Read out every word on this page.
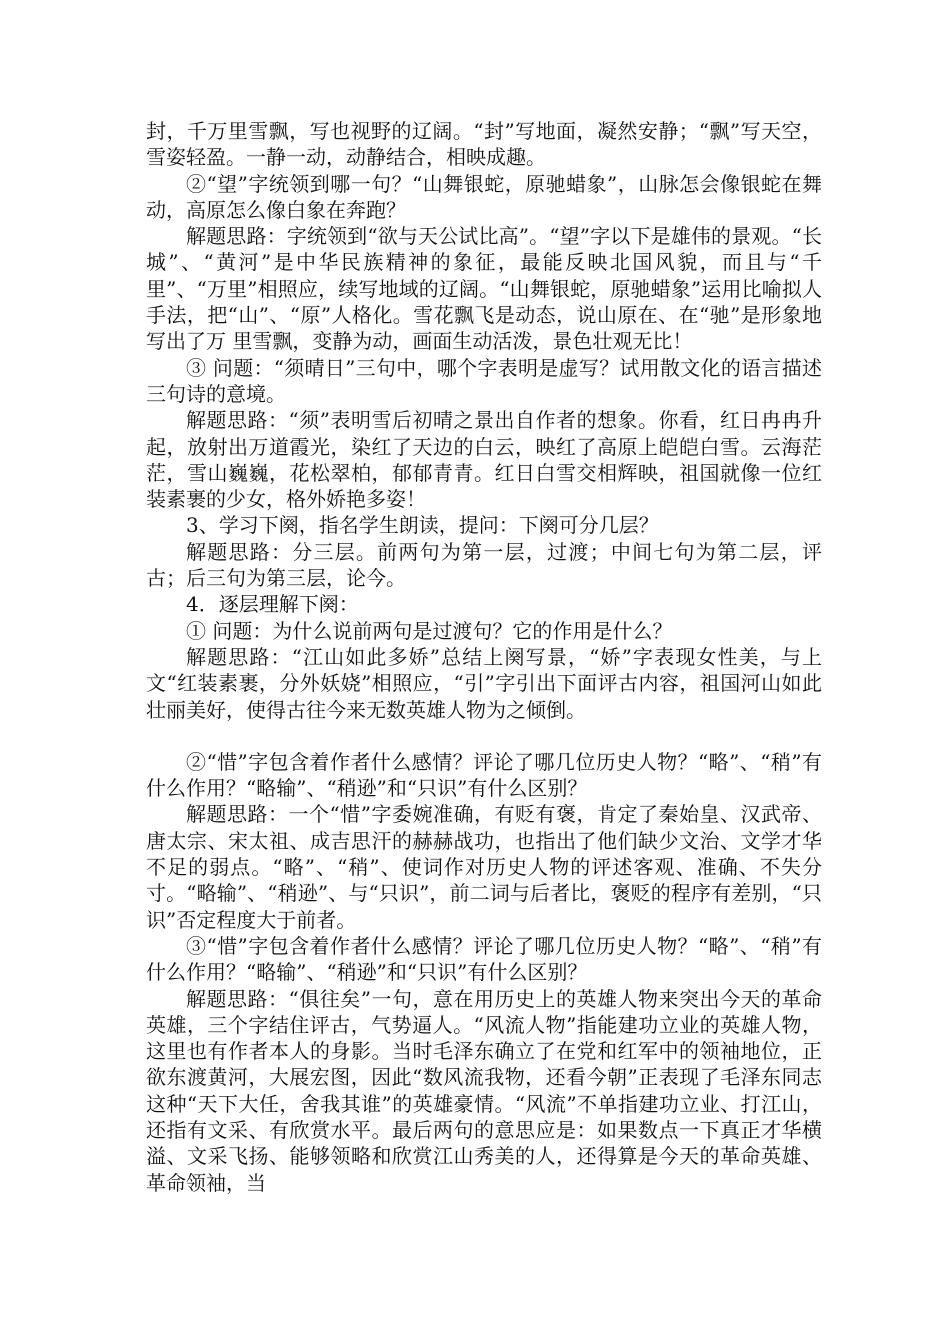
封，千万里雪飘，写也视野的辽阔。“封”写地面，凝然安静；“飘”写天空，雪姿轻盈。一静一动，动静结合，相映成趣。

②“望”字统领到哪一句？“山舞银蛇，原驰蜡象”，山脉怎会像银蛇在舞动，高原怎么像白象在奔跑？

解题思路：字统领到“欲与天公试比高”。“望”字以下是雄伟的景观。“长城”、“黄河”是中华民族精神的象征，最能反映北国风貌，而且与“千里”、“万里”相照应，续写地域的辽阔。“山舞银蛇，原驰蜡象”运用比喻拟人手法，把“山”、“原”人格化。雪花飘飞是动态，说山原在、在“驰”是形象地写出了万 里雪飘，变静为动，画面生动活泼，景色壮观无比！

③ 问题：“须晴日”三句中，哪个字表明是虚写？试用散文化的语言描述三句诗的意境。

解题思路：“须”表明雪后初晴之景出自作者的想象。你看，红日冉冉升起，放射出万道霞光，染红了天边的白云，映红了高原上皑皑白雪。云海茫茫，雪山巍巍，花松翠柏，郁郁青青。红日白雪交相辉映，祖国就像一位红装素裹的少女，格外娇艳多姿！

3、学习下阕，指名学生朗读，提问：下阕可分几层？

解题思路：分三层。前两句为第一层，过渡；中间七句为第二层，评古；后三句为第三层，论今。

4．逐层理解下阕：

① 问题：为什么说前两句是过渡句？它的作用是什么？

解题思路：“江山如此多娇”总结上阕写景，“娇”字表现女性美，与上文“红装素裹，分外妖娆”相照应，“引”字引出下面评古内容，祖国河山如此壮丽美好，使得古往今来无数英雄人物为之倾倒。

②“惜”字包含着作者什么感情？评论了哪几位历史人物？“略”、“稍”有什么作用？“略输”、“稍逊”和“只识”有什么区别？

解题思路：一个“惜”字委婉准确，有贬有褒，肯定了秦始皇、汉武帝、唐太宗、宋太祖、成吉思汗的赫赫战功，也指出了他们缺少文治、文学才华不足的弱点。“略”、“稍”、使词作对历史人物的评述客观、准确、不失分寸。“略输”、“稍逊”、与“只识”，前二词与后者比，褒贬的程序有差别，“只识”否定程度大于前者。

③“惜”字包含着作者什么感情？评论了哪几位历史人物？“略”、“稍”有什么作用？“略输”、“稍逊”和“只识”有什么区别？

解题思路：“俱往矣”一句，意在用历史上的英雄人物来突出今天的革命英雄，三个字结住评古，气势逼人。“风流人物”指能建功立业的英雄人物，这里也有作者本人的身影。当时毛泽东确立了在党和红军中的领袖地位，正欲东渡黄河，大展宏图，因此“数风流我物，还看今朝”正表现了毛泽东同志这种“天下大任，舍我其谁”的英雄豪情。“风流”不单指建功立业、打江山，还指有文采、有欣赏水平。最后两句的意思应是：如果数点一下真正才华横溢、文采飞扬、能够领略和欣赏江山秀美的人，还得算是今天的革命英雄、革命领袖，当
